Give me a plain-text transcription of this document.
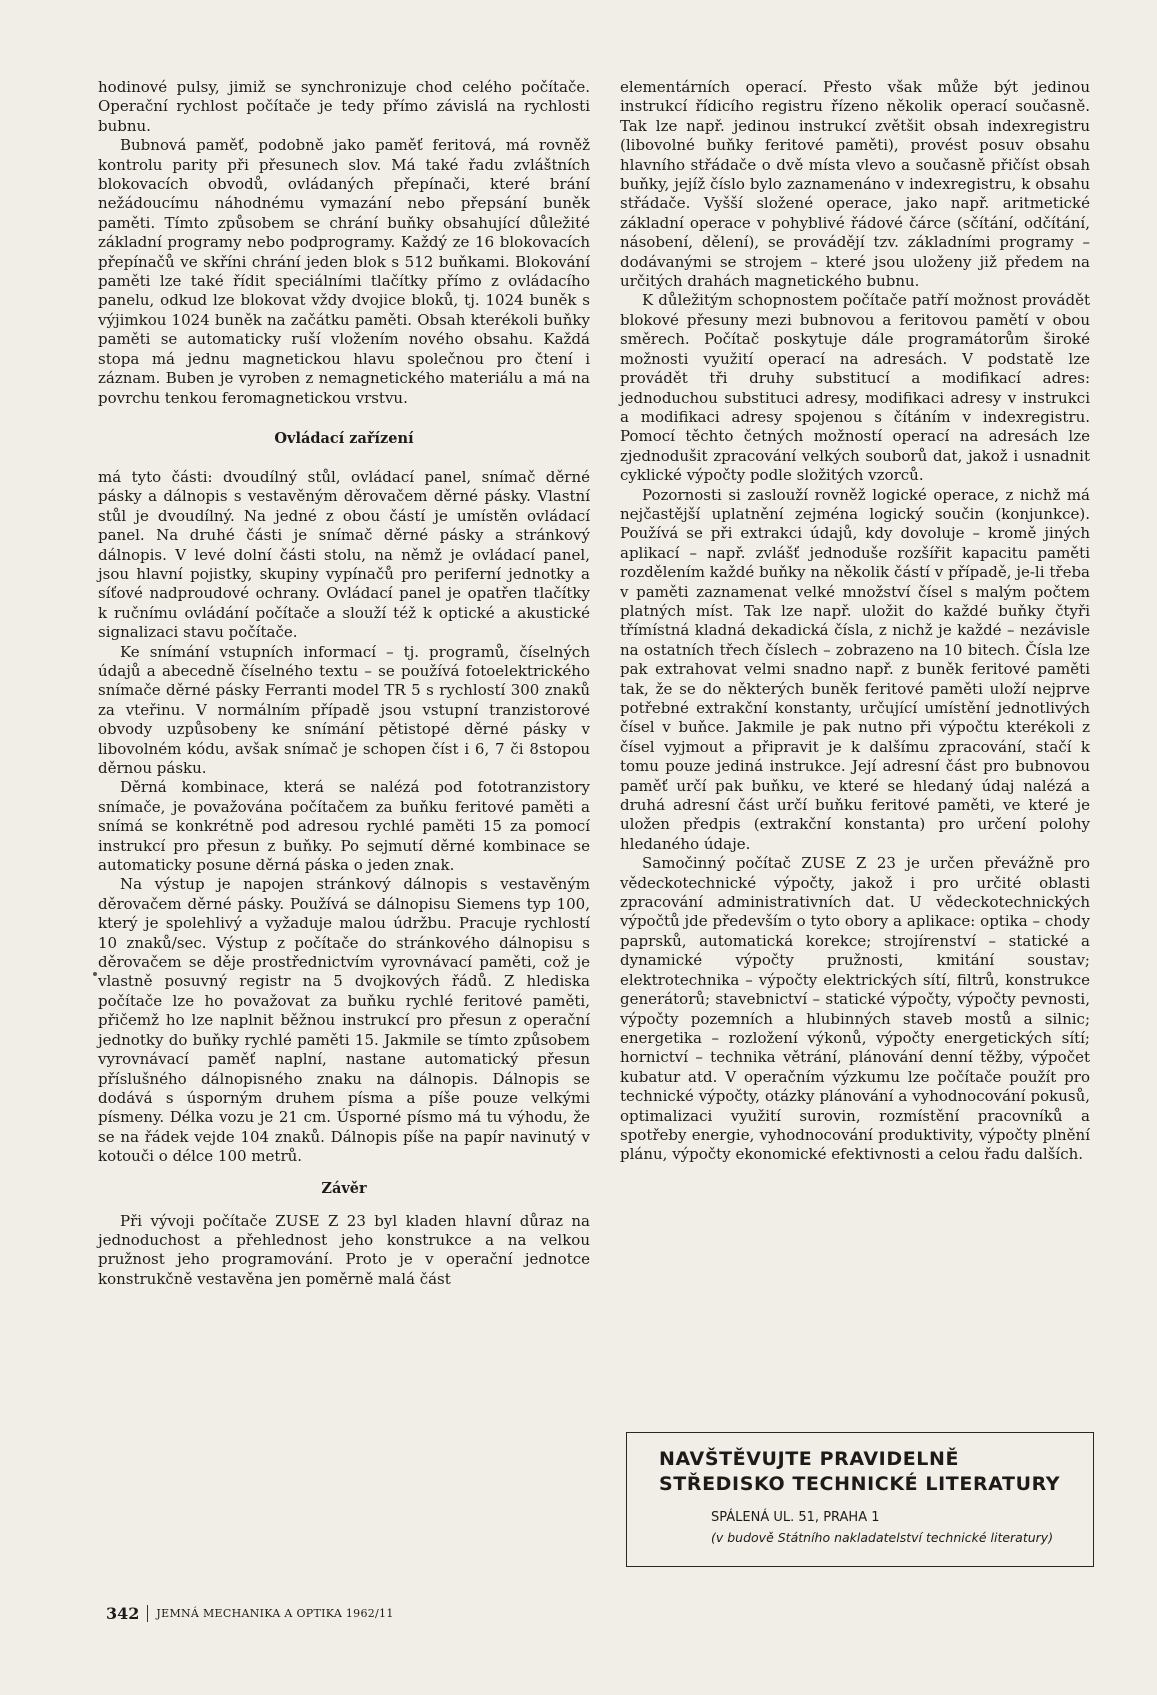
hodinové pulsy, jimiž se synchronizuje chod celého počítače. Operační rychlost počítače je tedy přímo závislá na rychlosti bubnu.

Bubnová paměť, podobně jako paměť feritová, má rovněž kontrolu parity při přesunech slov. Má také řadu zvláštních blokovacích obvodů, ovládaných přepínači, které brání nežádoucímu náhodnému vymazání nebo přepsání buněk paměti. Tímto způsobem se chrání buňky obsahující důležité základní programy nebo podprogramy. Každý ze 16 blokovacích přepínačů ve skříni chrání jeden blok s 512 buňkami. Blokování paměti lze také řídit speciálními tlačítky přímo z ovládacího panelu, odkud lze blokovat vždy dvojice bloků, tj. 1024 buněk s výjimkou 1024 buněk na začátku paměti. Obsah kterékoli buňky paměti se automaticky ruší vložením nového obsahu. Každá stopa má jednu magnetickou hlavu společnou pro čtení i záznam. Buben je vyroben z nemagnetického materiálu a má na povrchu tenkou feromagnetickou vrstvu.

Ovládací zařízení

má tyto části: dvoudílný stůl, ovládací panel, snímač děrné pásky a dálnopis s vestavěným děrovačem děrné pásky. Vlastní stůl je dvoudílný. Na jedné z obou částí je umístěn ovládací panel. Na druhé části je snímač děrné pásky a stránkový dálnopis. V levé dolní části stolu, na němž je ovládací panel, jsou hlavní pojistky, skupiny vypínačů pro periferní jednotky a síťové nadproudové ochrany. Ovládací panel je opatřen tlačítky k ručnímu ovládání počítače a slouží též k optické a akustické signalizaci stavu počítače.

Ke snímání vstupních informací – tj. programů, číselných údajů a abecedně číselného textu – se používá fotoelektrického snímače děrné pásky Ferranti model TR 5 s rychlostí 300 znaků za vteřinu. V normálním případě jsou vstupní tranzistorové obvody uzpůsobeny ke snímání pětistopé děrné pásky v libovolném kódu, avšak snímač je schopen číst i 6, 7 či 8stopou děrnou pásku.

Děrná kombinace, která se nalézá pod fototranzistory snímače, je považována počítačem za buňku feritové paměti a snímá se konkrétně pod adresou rychlé paměti 15 za pomocí instrukcí pro přesun z buňky. Po sejmutí děrné kombinace se automaticky posune děrná páska o jeden znak.

Na výstup je napojen stránkový dálnopis s vestavěným děrovačem děrné pásky. Používá se dálnopisu Siemens typ 100, který je spolehlivý a vyžaduje malou údržbu. Pracuje rychlostí 10 znaků/sec. Výstup z počítače do stránkového dálnopisu s děrovačem se děje prostřednictvím vyrovnávací paměti, což je vlastně posuvný registr na 5 dvojkových řádů. Z hlediska počítače lze ho považovat za buňku rychlé feritové paměti, přičemž ho lze naplnit běžnou instrukcí pro přesun z operační jednotky do buňky rychlé paměti 15. Jakmile se tímto způsobem vyrovnávací paměť naplní, nastane automatický přesun příslušného dálnopisného znaku na dálnopis. Dálnopis se dodává s úsporným druhem písma a píše pouze velkými písmeny. Délka vozu je 21 cm. Úsporné písmo má tu výhodu, že se na řádek vejde 104 znaků. Dálnopis píše na papír navinutý v kotouči o délce 100 metrů.

Závěr

Při vývoji počítače ZUSE Z 23 byl kladen hlavní důraz na jednoduchost a přehlednost jeho konstrukce a na velkou pružnost jeho programování. Proto je v operační jednotce konstrukčně vestavěna jen poměrně malá část

elementárních operací. Přesto však může být jedinou instrukcí řídicího registru řízeno několik operací současně. Tak lze např. jedinou instrukcí zvětšit obsah indexregistru (libovolné buňky feritové paměti), provést posuv obsahu hlavního střádače o dvě místa vlevo a současně přičíst obsah buňky, jejíž číslo bylo zaznamenáno v indexregistru, k obsahu střádače. Vyšší složené operace, jako např. aritmetické základní operace v pohyblivé řádové čárce (sčítání, odčítání, násobení, dělení), se provádějí tzv. základními programy – dodávanými se strojem – které jsou uloženy již předem na určitých drahách magnetického bubnu.

K důležitým schopnostem počítače patří možnost provádět blokové přesuny mezi bubnovou a feritovou pamětí v obou směrech. Počítač poskytuje dále programátorům široké možnosti využití operací na adresách. V podstatě lze provádět tři druhy substitucí a modifikací adres: jednoduchou substituci adresy, modifikaci adresy v instrukci a modifikaci adresy spojenou s čítáním v indexregistru. Pomocí těchto četných možností operací na adresách lze zjednodušit zpracování velkých souborů dat, jakož i usnadnit cyklické výpočty podle složitých vzorců.

Pozornosti si zaslouží rovněž logické operace, z nichž má nejčastější uplatnění zejména logický součin (konjunkce). Používá se při extrakci údajů, kdy dovoluje – kromě jiných aplikací – např. zvlášť jednoduše rozšířit kapacitu paměti rozdělením každé buňky na několik částí v případě, je-li třeba v paměti zaznamenat velké množství čísel s malým počtem platných míst. Tak lze např. uložit do každé buňky čtyři třímístná kladná dekadická čísla, z nichž je každé – nezávisle na ostatních třech číslech – zobrazeno na 10 bitech. Čísla lze pak extrahovat velmi snadno např. z buněk feritové paměti tak, že se do některých buněk feritové paměti uloží nejprve potřebné extrakční konstanty, určující umístění jednotlivých čísel v buňce. Jakmile je pak nutno při výpočtu kterékoli z čísel vyjmout a připravit je k dalšímu zpracování, stačí k tomu pouze jediná instrukce. Její adresní část pro bubnovou paměť určí pak buňku, ve které se hledaný údaj nalézá a druhá adresní část určí buňku feritové paměti, ve které je uložen předpis (extrakční konstanta) pro určení polohy hledaného údaje.

Samočinný počítač ZUSE Z 23 je určen převážně pro vědeckotechnické výpočty, jakož i pro určité oblasti zpracování administrativních dat. U vědeckotechnických výpočtů jde především o tyto obory a aplikace: optika – chody paprsků, automatická korekce; strojírenství – statické a dynamické výpočty pružnosti, kmitání soustav; elektrotechnika – výpočty elektrických sítí, filtrů, konstrukce generátorů; stavebnictví – statické výpočty, výpočty pevnosti, výpočty pozemních a hlubinných staveb mostů a silnic; energetika – rozložení výkonů, výpočty energetických sítí; hornictví – technika větrání, plánování denní těžby, výpočet kubatur atd. V operačním výzkumu lze počítače použít pro technické výpočty, otázky plánování a vyhodnocování pokusů, optimalizaci využití surovin, rozmístění pracovníků a spotřeby energie, vyhodnocování produktivity, výpočty plnění plánu, výpočty ekonomické efektivnosti a celou řadu dalších.

NAVŠTĚVUJTE PRAVIDELNĚ

STŘEDISKO TECHNICKÉ LITERATURY

SPÁLENÁ UL. 51, PRAHA 1

(v budově Státního nakladatelství technické literatury)

342 JEMNÁ MECHANIKA A OPTIKA 1962/11
